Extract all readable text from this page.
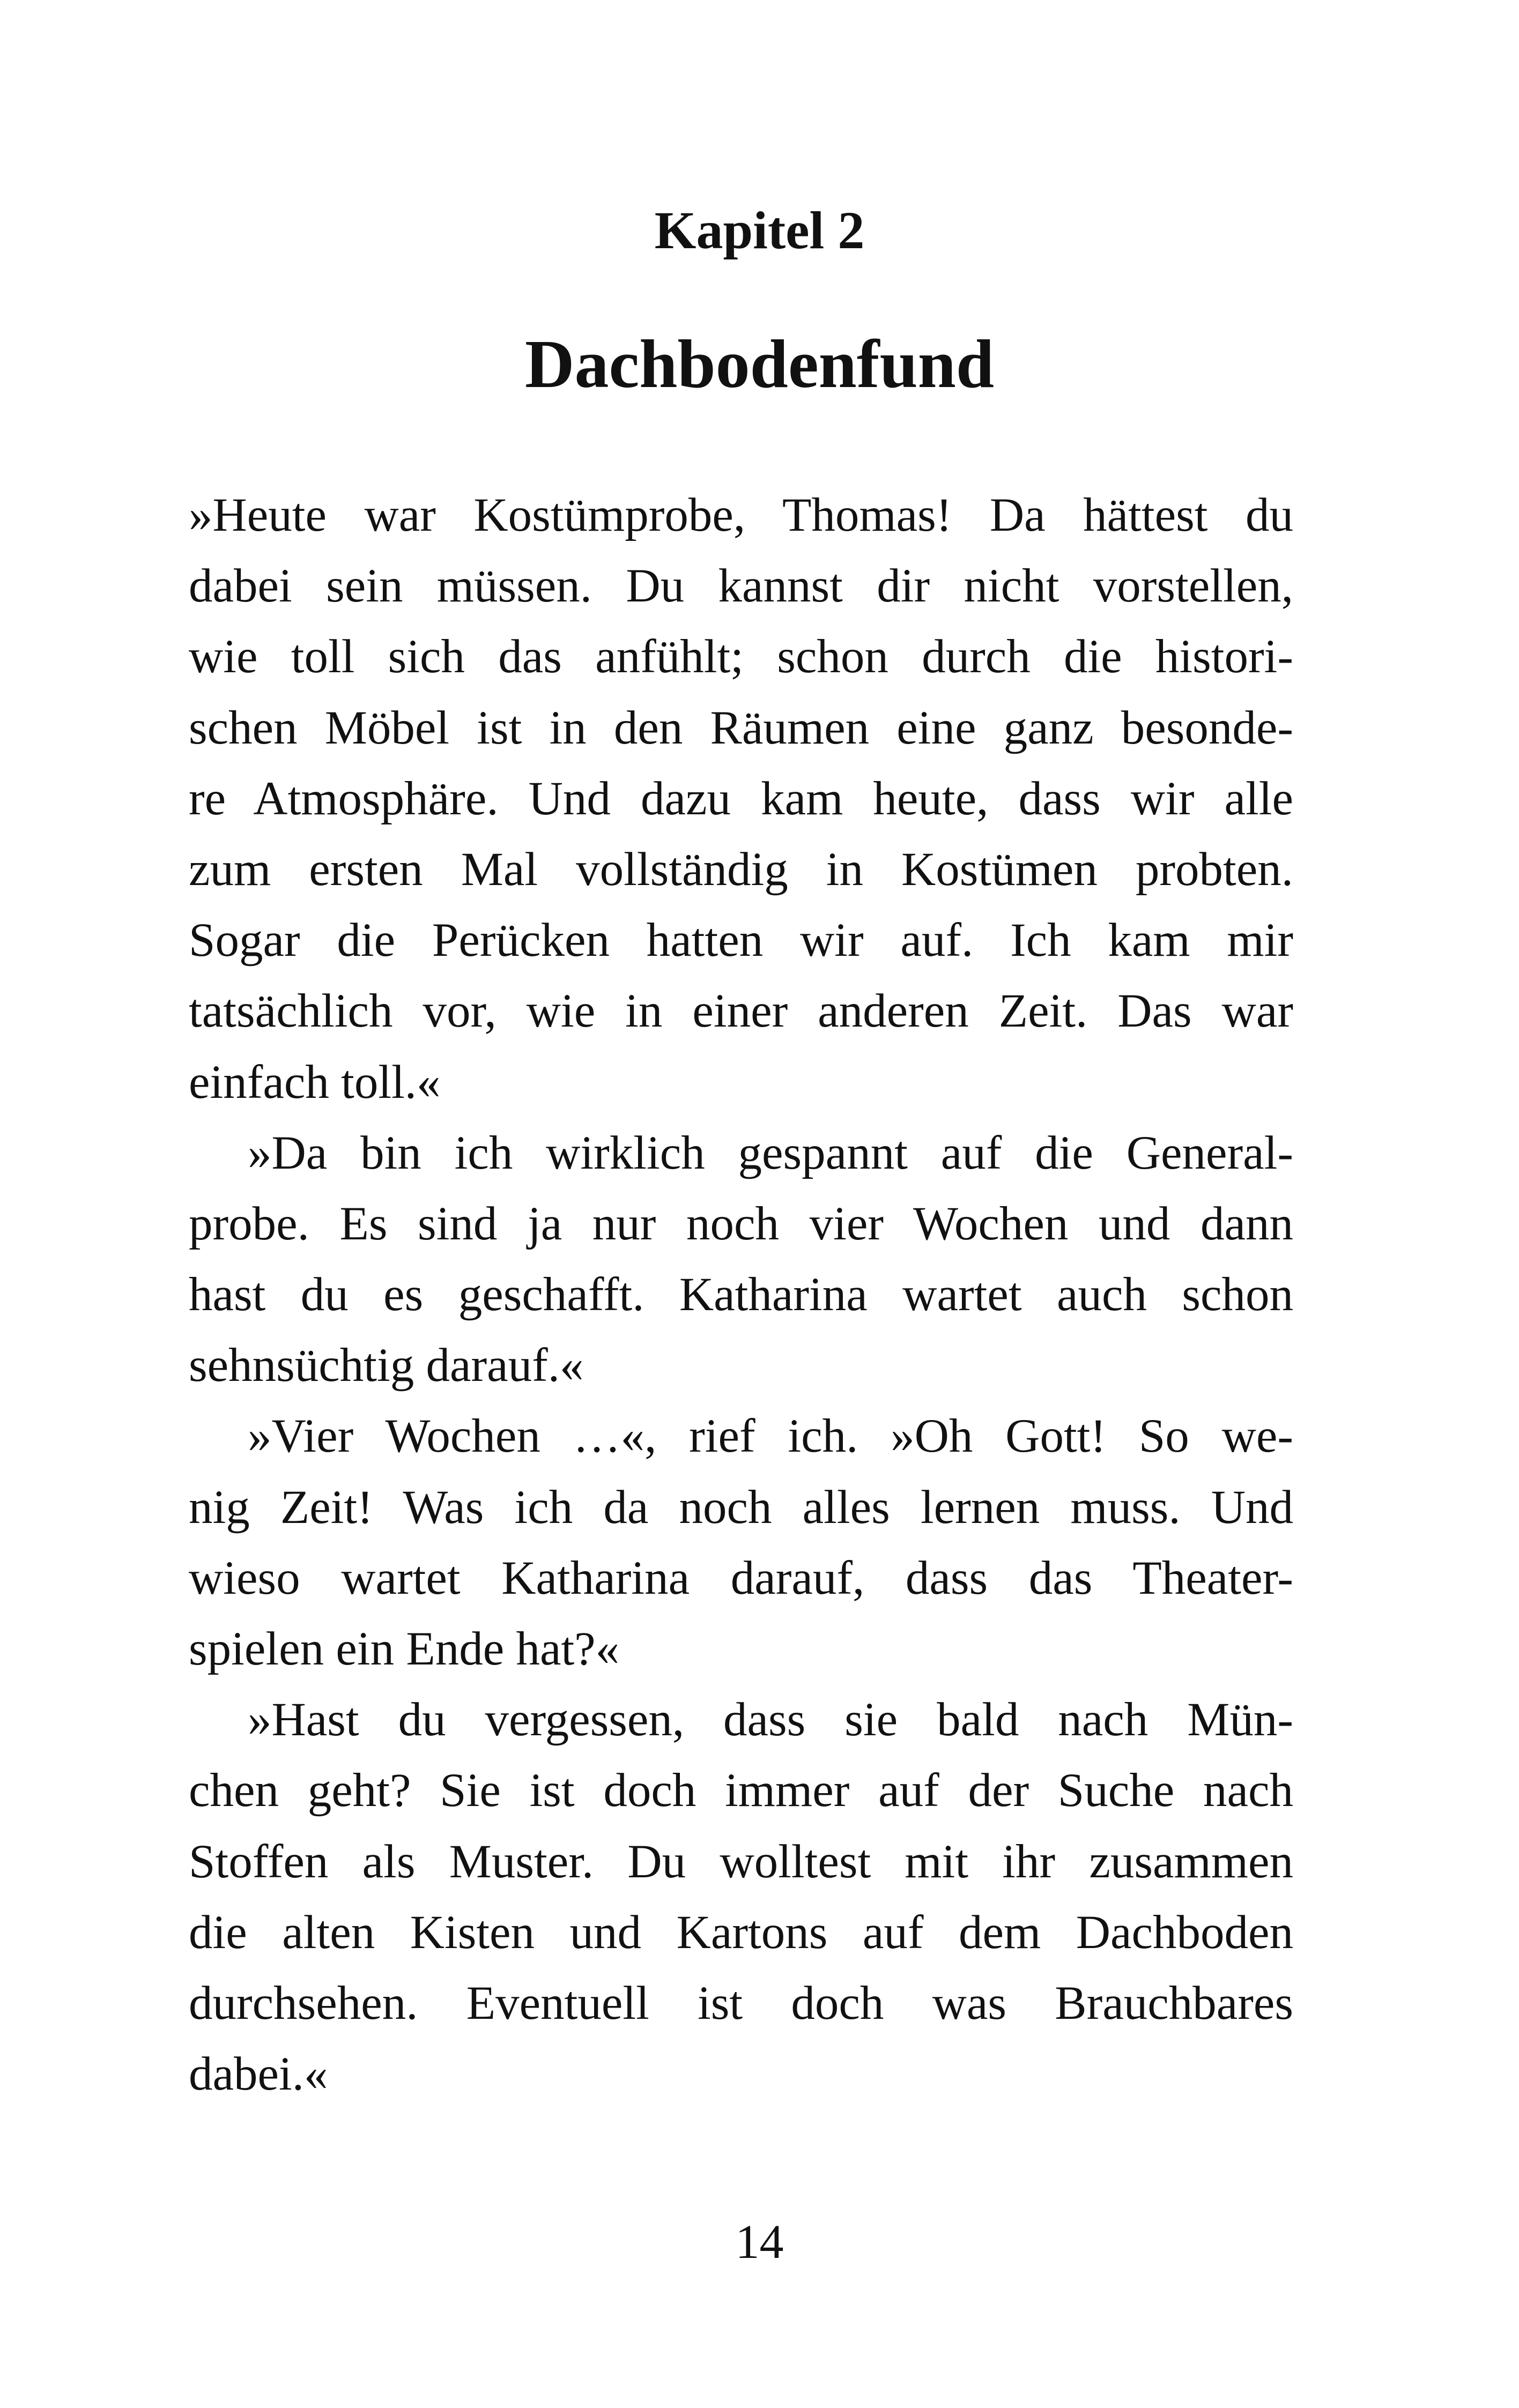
Kapitel 2
Dachbodenfund
»Heute war Kostümprobe, Thomas! Da hättest du
dabei sein müssen. Du kannst dir nicht vorstellen,
wie toll sich das anfühlt; schon durch die histori-
schen Möbel ist in den Räumen eine ganz besonde-
re Atmosphäre. Und dazu kam heute, dass wir alle
zum ersten Mal vollständig in Kostümen probten.
Sogar die Perücken hatten wir auf. Ich kam mir
tatsächlich vor, wie in einer anderen Zeit. Das war
einfach toll.«
»Da bin ich wirklich gespannt auf die General-
probe. Es sind ja nur noch vier Wochen und dann
hast du es geschafft. Katharina wartet auch schon
sehnsüchtig darauf.«
»Vier Wochen …«, rief ich. »Oh Gott! So we-
nig Zeit! Was ich da noch alles lernen muss. Und
wieso wartet Katharina darauf, dass das Theater-
spielen ein Ende hat?«
»Hast du vergessen, dass sie bald nach Mün-
chen geht? Sie ist doch immer auf der Suche nach
Stoffen als Muster. Du wolltest mit ihr zusammen
die alten Kisten und Kartons auf dem Dachboden
durchsehen. Eventuell ist doch was Brauchbares
dabei.«
14
